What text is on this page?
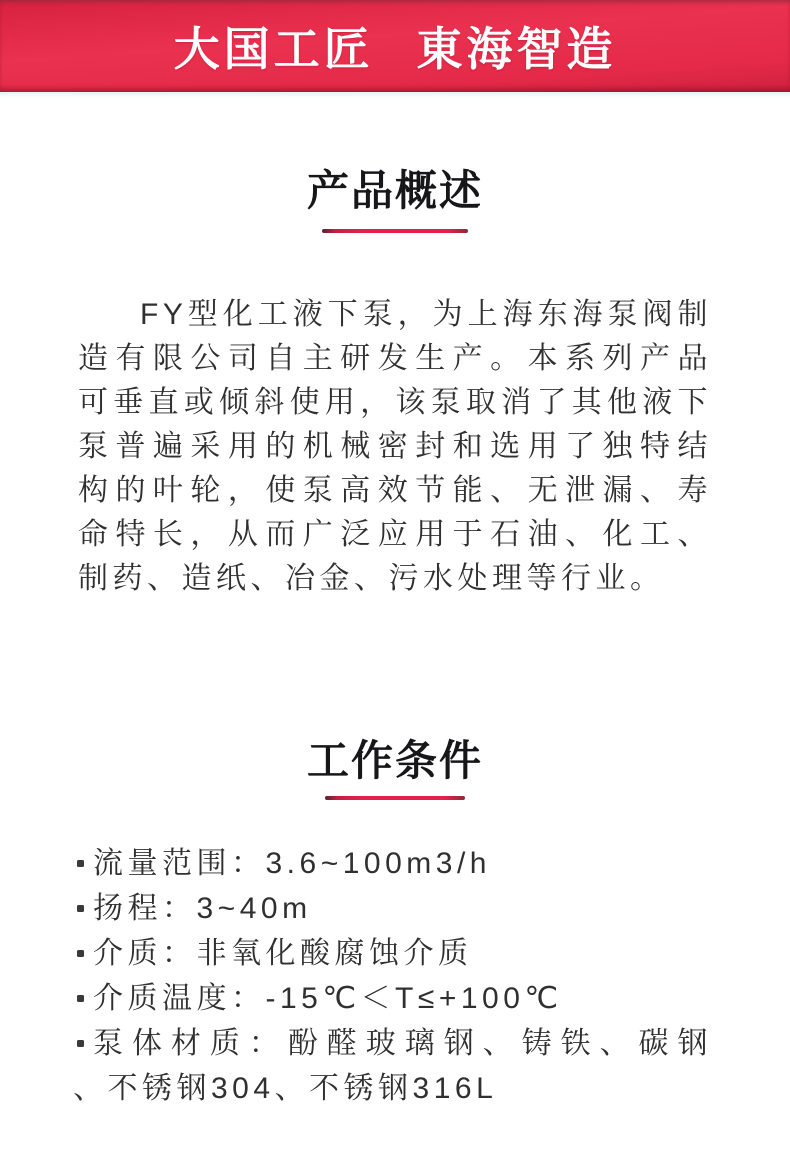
大国工匠 東海智造
产品概述
FY型化工液下泵，为上海东海泵阀制
造有限公司自主研发生产。本系列产品
可垂直或倾斜使用，该泵取消了其他液下
泵普遍采用的机械密封和选用了独特结
构的叶轮，使泵高效节能、无泄漏、寿
命特长，从而广泛应用于石油、化工、
制药、造纸、冶金、污水处理等行业。
工作条件
流量范围：3.6~100m3/h
扬程：3~40m
介质：非氧化酸腐蚀介质
介质温度：-15℃＜T≤+100℃
泵体材质：酚醛玻璃钢、铸铁、碳钢
、不锈钢304、不锈钢316L
